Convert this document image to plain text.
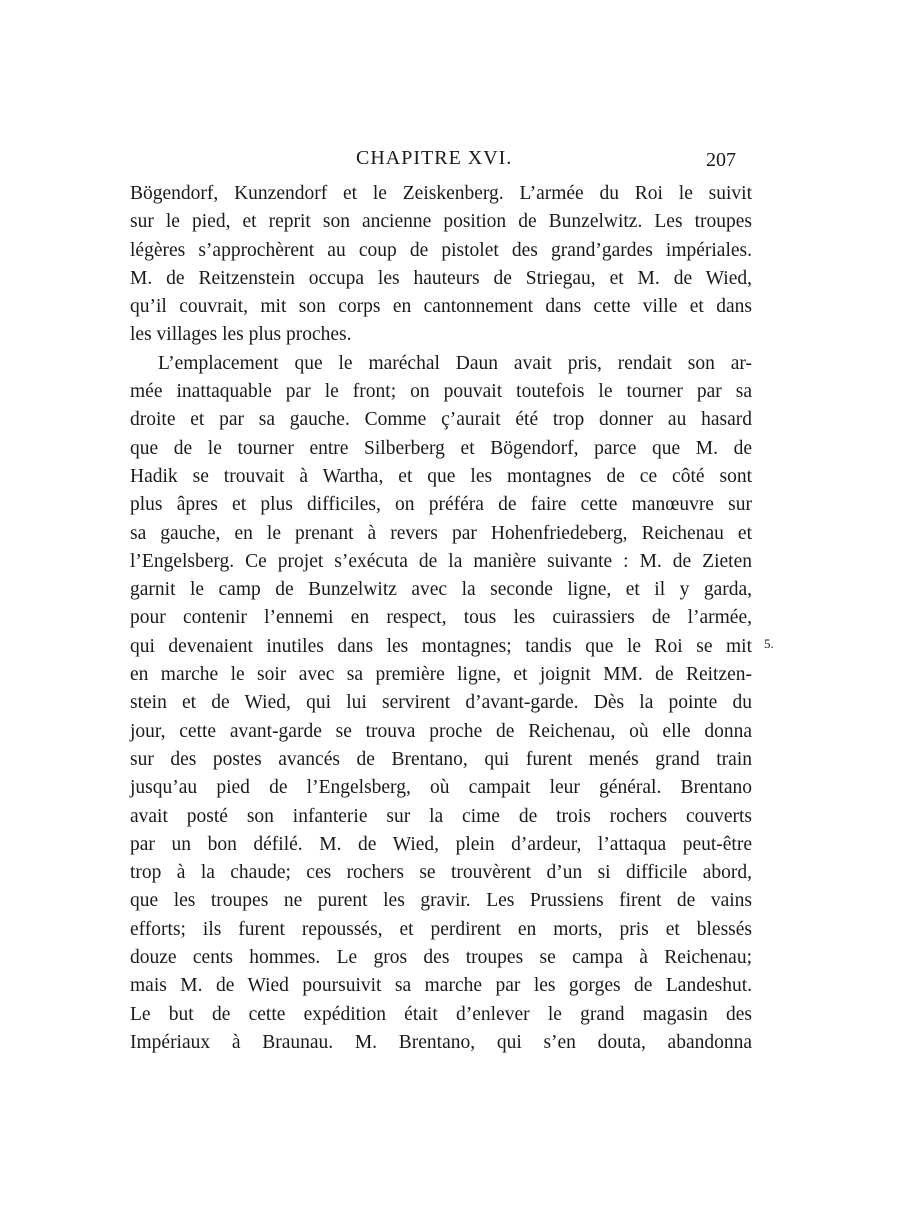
CHAPITRE XVI.	207
Bögendorf, Kunzendorf et le Zeiskenberg. L’armée du Roi le suivit
sur le pied, et reprit son ancienne position de Bunzelwitz. Les troupes
légères s’approchèrent au coup de pistolet des grand’gardes impériales.
M. de Reitzenstein occupa les hauteurs de Striegau, et M. de Wied,
qu’il couvrait, mit son corps en cantonnement dans cette ville et dans
les villages les plus proches.
L’emplacement que le maréchal Daun avait pris, rendait son ar-
mée inattaquable par le front; on pouvait toutefois le tourner par sa
droite et par sa gauche. Comme ç’aurait été trop donner au hasard
que de le tourner entre Silberberg et Bögendorf, parce que M. de
Hadik se trouvait à Wartha, et que les montagnes de ce côté sont
plus âpres et plus difficiles, on préféra de faire cette manœuvre sur
sa gauche, en le prenant à revers par Hohenfriedeberg, Reichenau et
l’Engelsberg. Ce projet s’exécuta de la manière suivante : M. de Zieten
garnit le camp de Bunzelwitz avec la seconde ligne, et il y garda,
pour contenir l’ennemi en respect, tous les cuirassiers de l’armée,
qui devenaient inutiles dans les montagnes; tandis que le Roi se mit
en marche le soir avec sa première ligne, et joignit MM. de Reitzen-
stein et de Wied, qui lui servirent d’avant-garde. Dès la pointe du
jour, cette avant-garde se trouva proche de Reichenau, où elle donna
sur des postes avancés de Brentano, qui furent menés grand train
jusqu’au pied de l’Engelsberg, où campait leur général. Brentano
avait posté son infanterie sur la cime de trois rochers couverts
par un bon défilé. M. de Wied, plein d’ardeur, l’attaqua peut-être
trop à la chaude; ces rochers se trouvèrent d’un si difficile abord,
que les troupes ne purent les gravir. Les Prussiens firent de vains
efforts; ils furent repoussés, et perdirent en morts, pris et blessés
douze cents hommes. Le gros des troupes se campa à Reichenau;
mais M. de Wied poursuivit sa marche par les gorges de Landeshut.
Le but de cette expédition était d’enlever le grand magasin des
Impériaux à Braunau. M. Brentano, qui s’en douta, abandonna
5.
